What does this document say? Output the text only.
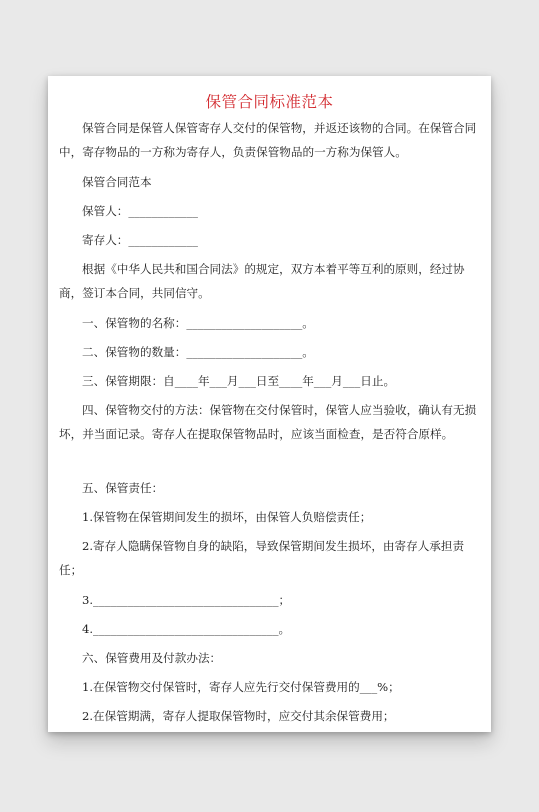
保管合同标准范本

保管合同是保管人保管寄存人交付的保管物，并返还该物的合同。在保管合同中，寄存物品的一方称为寄存人，负责保管物品的一方称为保管人。

保管合同范本

保管人：____________

寄存人：____________

根据《中华人民共和国合同法》的规定，双方本着平等互利的原则，经过协商，签订本合同，共同信守。

一、保管物的名称：____________________。

二、保管物的数量：____________________。

三、保管期限：自____年___月___日至____年___月___日止。

四、保管物交付的方法：保管物在交付保管时，保管人应当验收，确认有无损坏，并当面记录。寄存人在提取保管物品时，应该当面检查，是否符合原样。

五、保管责任：

1.保管物在保管期间发生的损坏，由保管人负赔偿责任；

2.寄存人隐瞒保管物自身的缺陷，导致保管期间发生损坏，由寄存人承担责任；

3.________________________________；

4.________________________________。

六、保管费用及付款办法：

1.在保管物交付保管时，寄存人应先行交付保管费用的___%；

2.在保管期满，寄存人提取保管物时，应交付其余保管费用；
